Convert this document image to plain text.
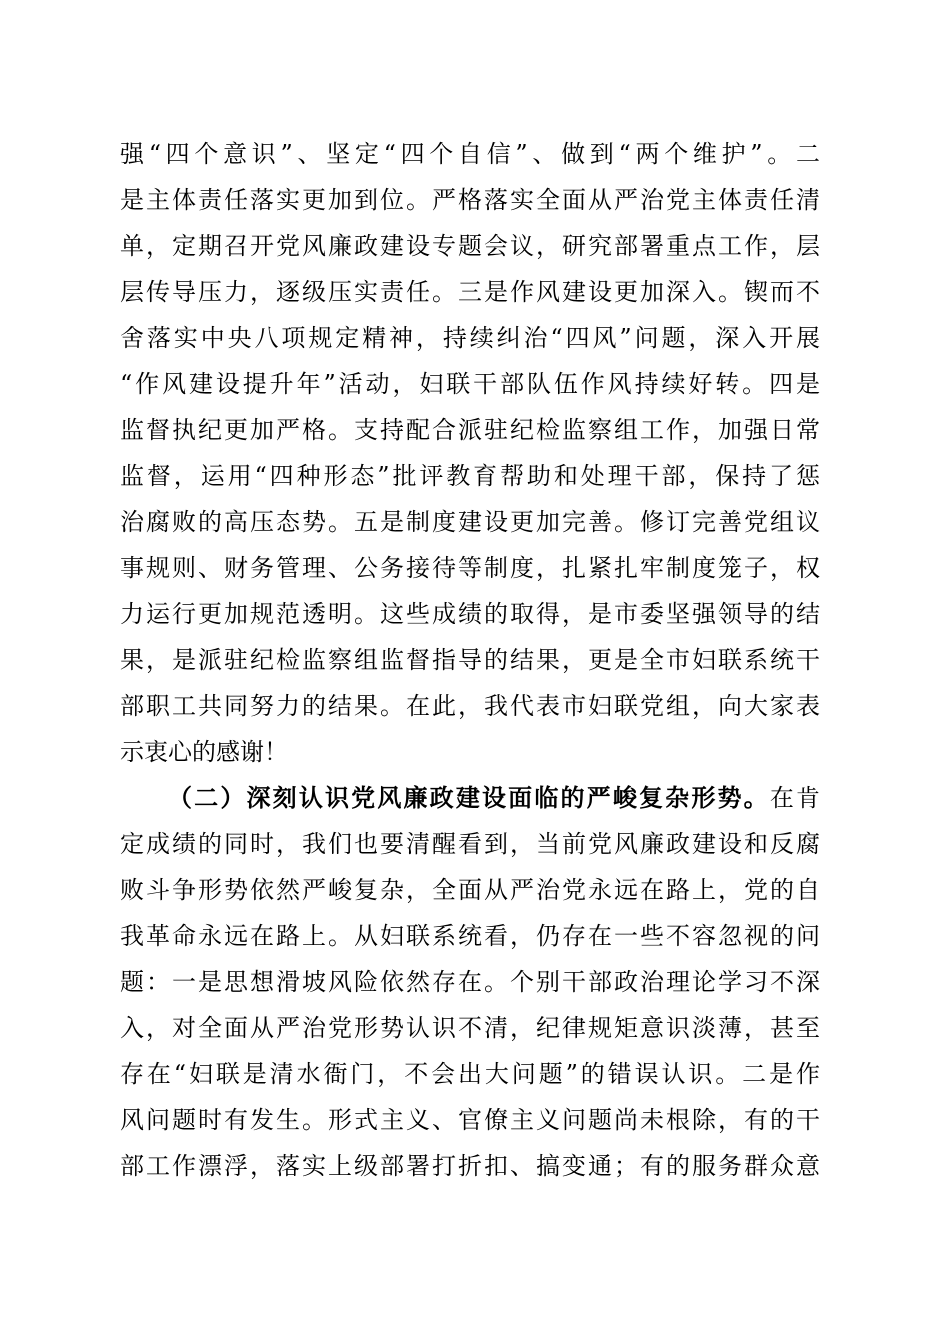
强“四个意识”、坚定“四个自信”、做到“两个维护”。二
是主体责任落实更加到位。严格落实全面从严治党主体责任清
单，定期召开党风廉政建设专题会议，研究部署重点工作，层
层传导压力，逐级压实责任。三是作风建设更加深入。锲而不
舍落实中央八项规定精神，持续纠治“四风”问题，深入开展
“作风建设提升年”活动，妇联干部队伍作风持续好转。四是
监督执纪更加严格。支持配合派驻纪检监察组工作，加强日常
监督，运用“四种形态”批评教育帮助和处理干部，保持了惩
治腐败的高压态势。五是制度建设更加完善。修订完善党组议
事规则、财务管理、公务接待等制度，扎紧扎牢制度笼子，权
力运行更加规范透明。这些成绩的取得，是市委坚强领导的结
果，是派驻纪检监察组监督指导的结果，更是全市妇联系统干
部职工共同努力的结果。在此，我代表市妇联党组，向大家表
示衷心的感谢！
（二）深刻认识党风廉政建设面临的严峻复杂形势。在肯
定成绩的同时，我们也要清醒看到，当前党风廉政建设和反腐
败斗争形势依然严峻复杂，全面从严治党永远在路上，党的自
我革命永远在路上。从妇联系统看，仍存在一些不容忽视的问
题：一是思想滑坡风险依然存在。个别干部政治理论学习不深
入，对全面从严治党形势认识不清，纪律规矩意识淡薄，甚至
存在“妇联是清水衙门，不会出大问题”的错误认识。二是作
风问题时有发生。形式主义、官僚主义问题尚未根除，有的干
部工作漂浮，落实上级部署打折扣、搞变通；有的服务群众意
